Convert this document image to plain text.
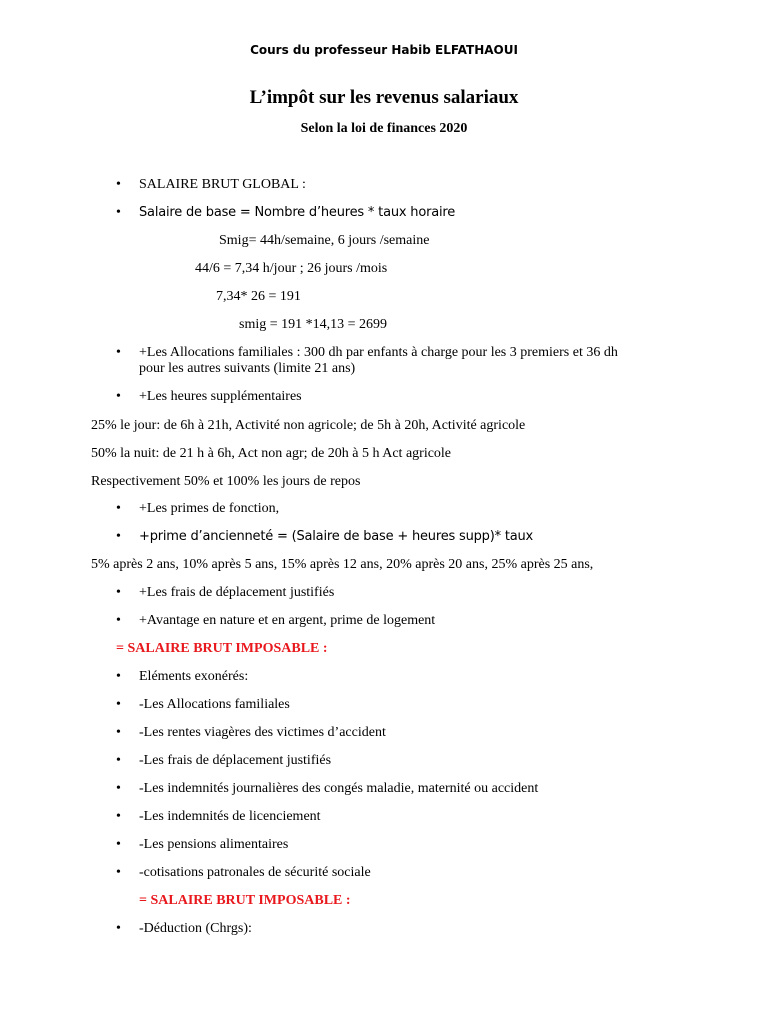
Cours du professeur Habib ELFATHAOUI
L’impôt sur les revenus salariaux
Selon la loi de finances 2020
• SALAIRE BRUT GLOBAL :
• Salaire de base = Nombre d’heures * taux horaire
Smig= 44h/semaine, 6 jours /semaine
44/6 = 7,34 h/jour ; 26 jours /mois
7,34* 26 = 191
smig = 191 *14,13 = 2699
• +Les Allocations familiales : 300 dh par enfants à charge pour les 3 premiers et 36 dh
pour les autres suivants (limite 21 ans)
• +Les heures supplémentaires
25% le jour: de 6h à 21h, Activité non agricole; de 5h à 20h, Activité agricole
50% la nuit: de 21 h à 6h, Act non agr; de 20h à 5 h Act agricole
Respectivement 50% et 100% les jours de repos
• +Les primes de fonction,
• +prime d’ancienneté = (Salaire de base + heures supp)* taux
5% après 2 ans, 10% après 5 ans, 15% après 12 ans, 20% après 20 ans, 25% après 25 ans,
• +Les frais de déplacement justifiés
• +Avantage en nature et en argent, prime de logement
= SALAIRE BRUT IMPOSABLE :
• Eléments exonérés:
• -Les Allocations familiales
• -Les rentes viagères des victimes d’accident
• -Les frais de déplacement justifiés
• -Les indemnités journalières des congés maladie, maternité ou accident
• -Les indemnités de licenciement
• -Les pensions alimentaires
• -cotisations patronales de sécurité sociale
= SALAIRE BRUT IMPOSABLE :
• -Déduction (Chrgs):
